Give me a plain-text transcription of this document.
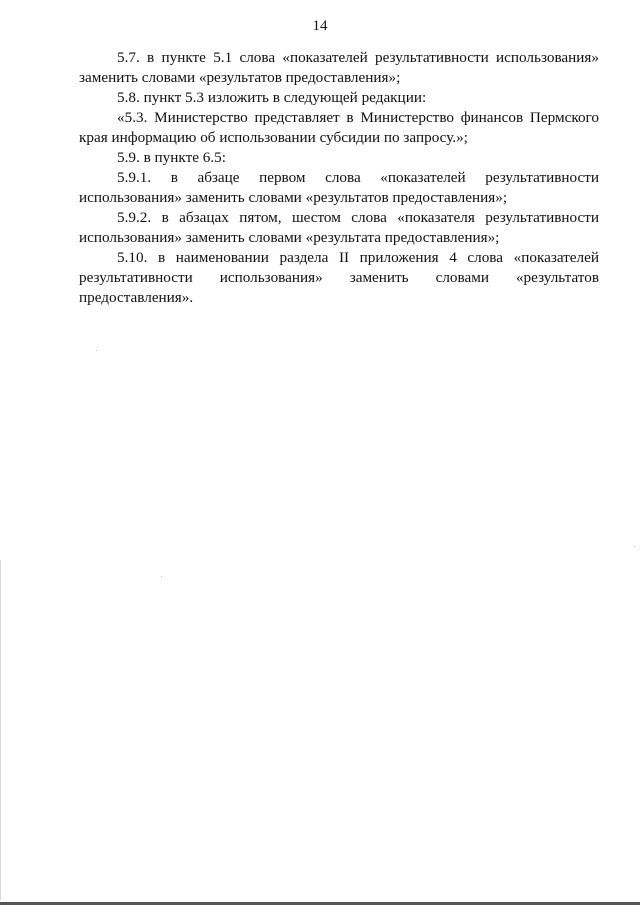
14

5.7. в пункте 5.1 слова «показателей результативности использования»
заменить словами «результатов предоставления»;

5.8. пункт 5.3 изложить в следующей редакции:

«5.3. Министерство представляет в Министерство финансов Пермского
края информацию об использовании субсидии по запросу.»;

5.9. в пункте 6.5:

5.9.1. в абзаце первом слова «показателей результативности
использования» заменить словами «результатов предоставления»;

5.9.2. в абзацах пятом, шестом слова «показателя результативности
использования» заменить словами «результата предоставления»;

5.10. в наименовании раздела II приложения 4 слова «показателей
результативности использования» заменить словами «результатов
предоставления».
